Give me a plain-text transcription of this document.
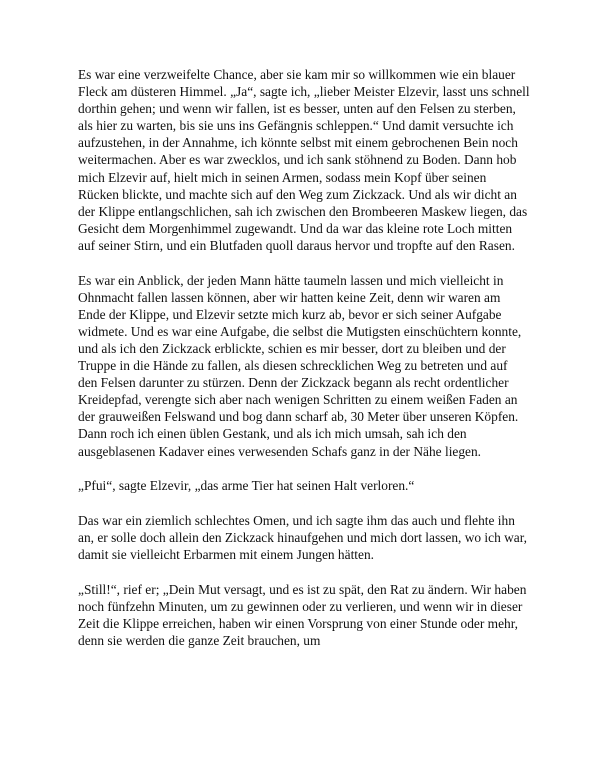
Es war eine verzweifelte Chance, aber sie kam mir so willkommen wie ein blauer Fleck am düsteren Himmel. „Ja“, sagte ich, „lieber Meister Elzevir, lasst uns schnell dorthin gehen; und wenn wir fallen, ist es besser, unten auf den Felsen zu sterben, als hier zu warten, bis sie uns ins Gefängnis schleppen.“ Und damit versuchte ich aufzustehen, in der Annahme, ich könnte selbst mit einem gebrochenen Bein noch weitermachen. Aber es war zwecklos, und ich sank stöhnend zu Boden. Dann hob mich Elzevir auf, hielt mich in seinen Armen, sodass mein Kopf über seinen Rücken blickte, und machte sich auf den Weg zum Zickzack. Und als wir dicht an der Klippe entlangschlichen, sah ich zwischen den Brombeeren Maskew liegen, das Gesicht dem Morgenhimmel zugewandt. Und da war das kleine rote Loch mitten auf seiner Stirn, und ein Blutfaden quoll daraus hervor und tropfte auf den Rasen.

Es war ein Anblick, der jeden Mann hätte taumeln lassen und mich vielleicht in Ohnmacht fallen lassen können, aber wir hatten keine Zeit, denn wir waren am Ende der Klippe, und Elzevir setzte mich kurz ab, bevor er sich seiner Aufgabe widmete. Und es war eine Aufgabe, die selbst die Mutigsten einschüchtern konnte, und als ich den Zickzack erblickte, schien es mir besser, dort zu bleiben und der Truppe in die Hände zu fallen, als diesen schrecklichen Weg zu betreten und auf den Felsen darunter zu stürzen. Denn der Zickzack begann als recht ordentlicher Kreidepfad, verengte sich aber nach wenigen Schritten zu einem weißen Faden an der grauweißen Felswand und bog dann scharf ab, 30 Meter über unseren Köpfen. Dann roch ich einen üblen Gestank, und als ich mich umsah, sah ich den ausgeblasenen Kadaver eines verwesenden Schafs ganz in der Nähe liegen.

„Pfui“, sagte Elzevir, „das arme Tier hat seinen Halt verloren.“

Das war ein ziemlich schlechtes Omen, und ich sagte ihm das auch und flehte ihn an, er solle doch allein den Zickzack hinaufgehen und mich dort lassen, wo ich war, damit sie vielleicht Erbarmen mit einem Jungen hätten.

„Still!“, rief er; „Dein Mut versagt, und es ist zu spät, den Rat zu ändern. Wir haben noch fünfzehn Minuten, um zu gewinnen oder zu verlieren, und wenn wir in dieser Zeit die Klippe erreichen, haben wir einen Vorsprung von einer Stunde oder mehr, denn sie werden die ganze Zeit brauchen, um
